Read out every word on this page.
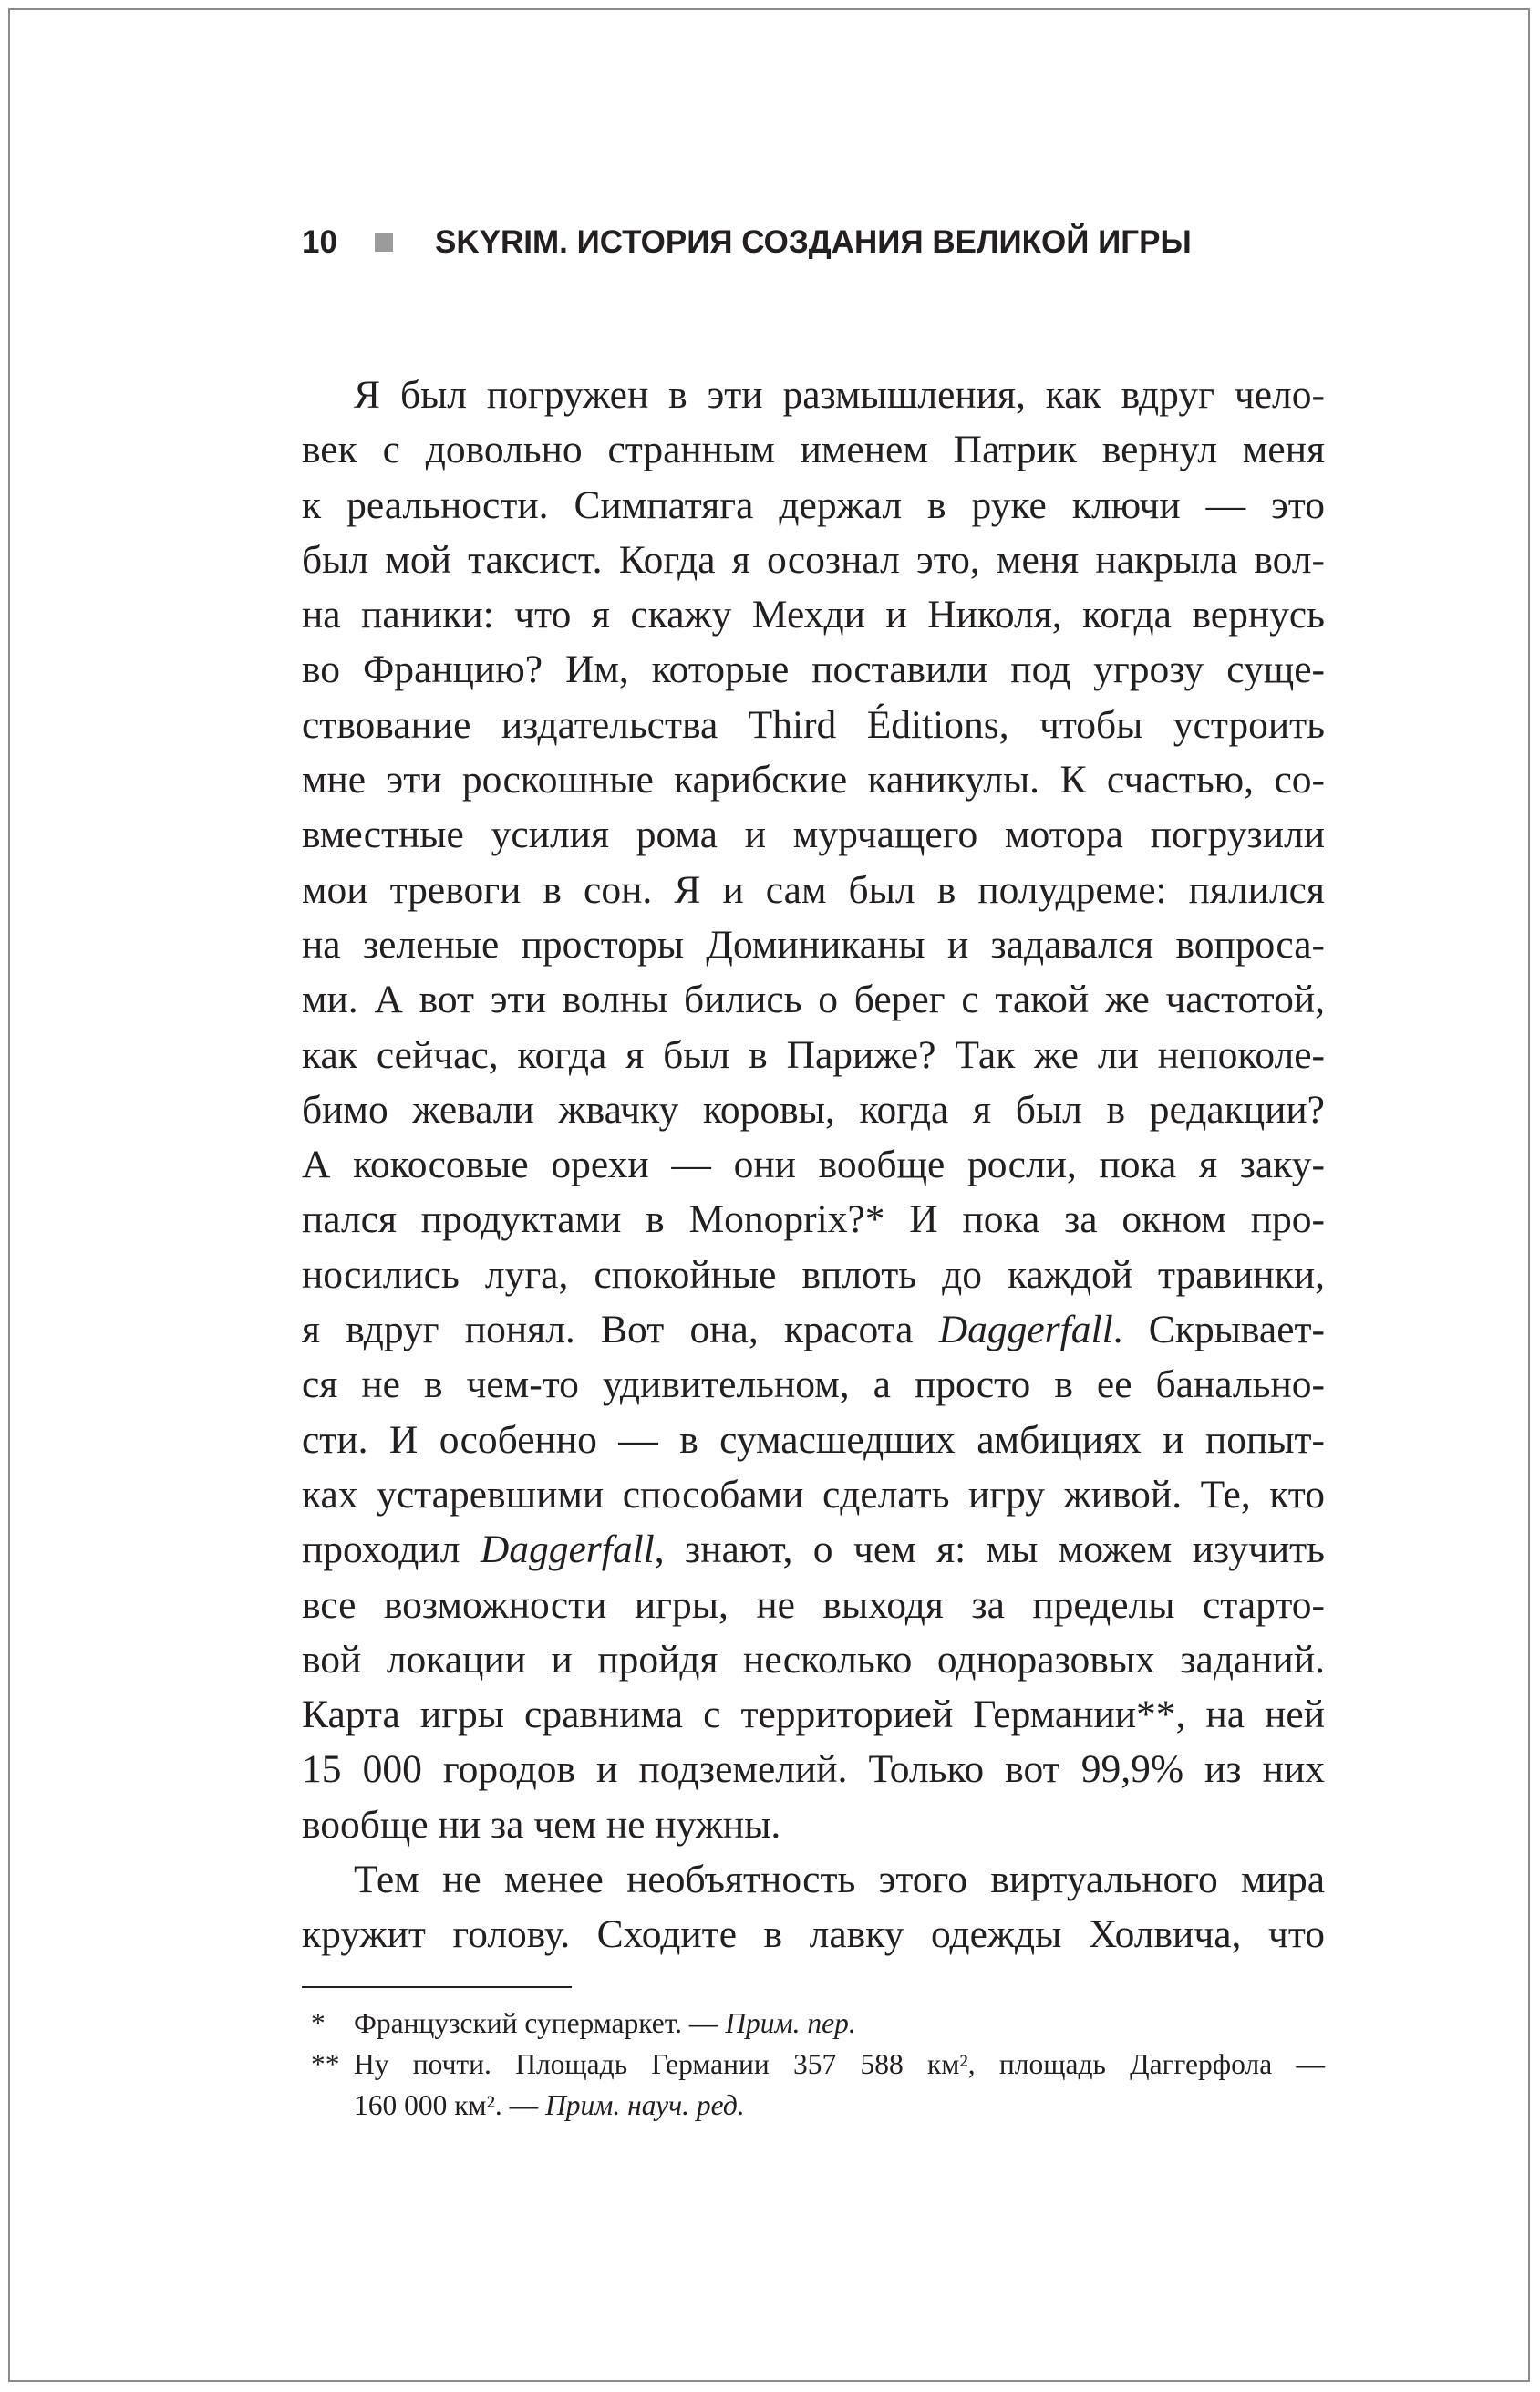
10	SKYRIM. ИСТОРИЯ СОЗДАНИЯ ВЕЛИКОЙ ИГРЫ

Я был погружен в эти размышления, как вдруг чело-
век с довольно странным именем Патрик вернул меня
к реальности. Симпатяга держал в руке ключи — это
был мой таксист. Когда я осознал это, меня накрыла вол-
на паники: что я скажу Мехди и Николя, когда вернусь
во Францию? Им, которые поставили под угрозу суще-
ствование издательства Third Éditions, чтобы устроить
мне эти роскошные карибские каникулы. К счастью, со-
вместные усилия рома и мурчащего мотора погрузили
мои тревоги в сон. Я и сам был в полудреме: пялился
на зеленые просторы Доминиканы и задавался вопроса-
ми. А вот эти волны бились о берег с такой же частотой,
как сейчас, когда я был в Париже? Так же ли непоколе-
бимо жевали жвачку коровы, когда я был в редакции?
А кокосовые орехи — они вообще росли, пока я заку-
пался продуктами в Monoprix?* И пока за окном про-
носились луга, спокойные вплоть до каждой травинки,
я вдруг понял. Вот она, красота Daggerfall. Скрывает-
ся не в чем-то удивительном, а просто в ее банально-
сти. И особенно — в сумасшедших амбициях и попыт-
ках устаревшими способами сделать игру живой. Те, кто
проходил Daggerfall, знают, о чем я: мы можем изучить
все возможности игры, не выходя за пределы старто-
вой локации и пройдя несколько одноразовых заданий.
Карта игры сравнима с территорией Германии**, на ней
15 000 городов и подземелий. Только вот 99,9% из них
вообще ни за чем не нужны.

Тем не менее необъятность этого виртуального мира
кружит голову. Сходите в лавку одежды Холвича, что

* Французский супермаркет. — Прим. пер.

** Ну почти. Площадь Германии 357 588 км², площадь Даггерфола —
160 000 км². — Прим. науч. ред.
